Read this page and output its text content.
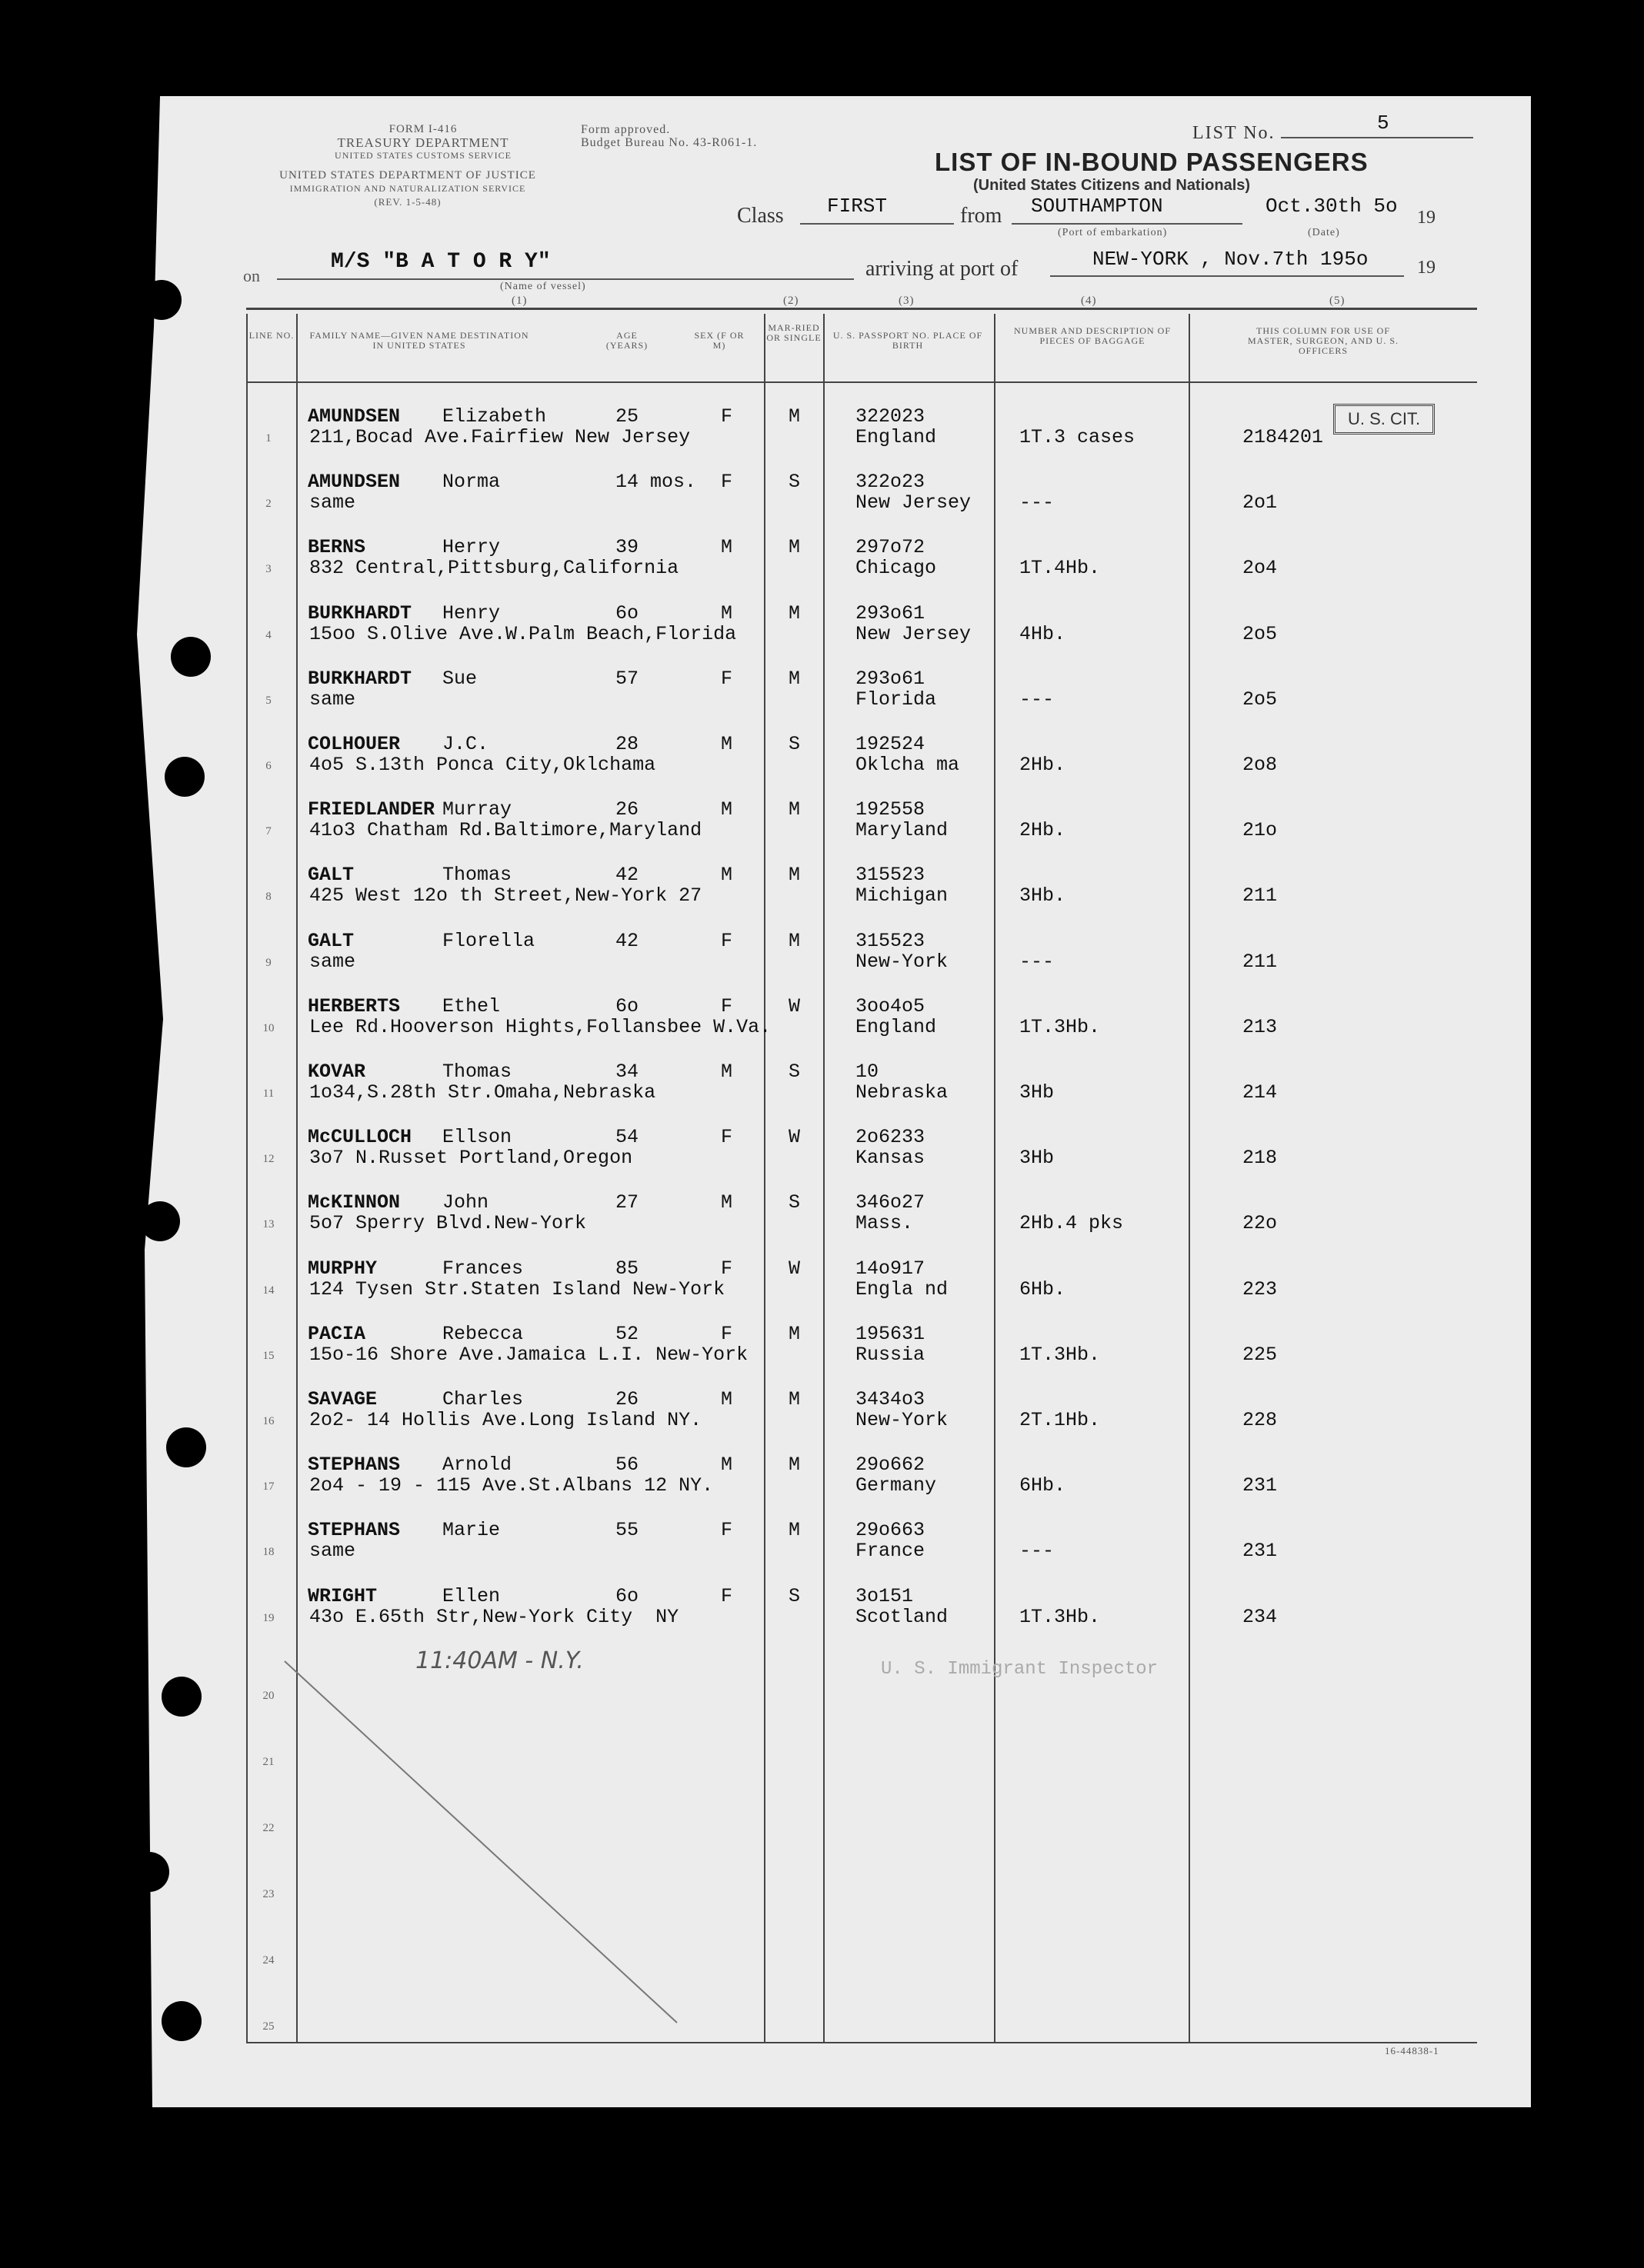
FORM I-416
TREASURY DEPARTMENT
UNITED STATES CUSTOMS SERVICE
UNITED STATES DEPARTMENT OF JUSTICE
IMMIGRATION AND NATURALIZATION SERVICE
(REV. 1-5-48)
Form approved.
Budget Bureau No. 43-R061-1.	LIST No.	5
LIST OF IN-BOUND PASSENGERS
(United States Citizens and Nationals)
Class FIRST	from SOUTHAMPTON	Oct.30th 5o 19
(Port of embarkation)	(Date)
on
M/S "B A T O R Y"
(Name of vessel)
arriving at port of	NEW-YORK , Nov.7th 195o	19
(1)	(2)	(3)	(4)	(5)
LINE NO.	FAMILY NAME—GIVEN NAME DESTINATION IN UNITED STATES
AGE (YEARS)
SEX (F OR M)
MAR-RIED OR SINGLE U. S. PASSPORT NO. PLACE OF BIRTH
NUMBER AND DESCRIPTION OF PIECES OF BAGGAGE
THIS COLUMN FOR USE OF MASTER, SURGEON, AND U. S. OFFICERS
U. S. CIT.
1
AMUNDSEN Elizabeth	25	F	M	322023
211,Bocad Ave.Fairfiew New Jersey	England	1T.3 cases	2184201
2
AMUNDSEN Norma	14 mos. F	S	322o23
same	New Jersey	---	2o1
3
BERNS	Herry	39	M	M	297o72
832 Central,Pittsburg,California	Chicago	1T.4Hb.	2o4
4
BURKHARDT Henry	6o	M	M	293o61
15oo S.Olive Ave.W.Palm Beach,Florida	New Jersey	4Hb.	2o5
5
BURKHARDT Sue	57	F	M	293o61
same	Florida	---	2o5
6
COLHOUER J.C.	28	M	S	192524
4o5 S.13th Ponca City,Oklchama	Oklcha ma	2Hb.	2o8
7
FRIEDLANDER Murray	26	M	M	192558
41o3 Chatham Rd.Baltimore,Maryland	Maryland	2Hb.	21o
8
GALT	Thomas	42	M	M	315523
425 West 12o th Street,New-York 27	Michigan	3Hb.	211
9
GALT	Florella	42	F	M	315523
same	New-York	---	211
10
HERBERTS Ethel	6o	F	W	3oo4o5
Lee Rd.Hooverson Hights,Follansbee W.Va.	England	1T.3Hb.	213
11
KOVAR	Thomas	34	M	S	10
1o34,S.28th Str.Omaha,Nebraska	Nebraska	3Hb	214
12
McCULLOCH Ellson	54	F	W	2o6233
3o7 N.Russet Portland,Oregon	Kansas	3Hb	218
13
McKINNON John	27	M	S	346o27
5o7 Sperry Blvd.New-York	Mass.	2Hb.4 pks	22o
14
MURPHY	Frances	85	F	W	14o917
124 Tysen Str.Staten Island New-York	Engla nd	6Hb.	223
15
PACIA	Rebecca	52	F	M	195631
15o-16 Shore Ave.Jamaica L.I. New-York	Russia	1T.3Hb.	225
16
SAVAGE	Charles	26	M	M	3434o3
2o2- 14 Hollis Ave.Long Island NY.	New-York	2T.1Hb.	228
17
STEPHANS Arnold	56	M	M	29o662
2o4 - 19 - 115 Ave.St.Albans 12 NY.	Germany	6Hb.	231
18
STEPHANS Marie	55	F	M	29o663
same	France	---	231
19
WRIGHT	Ellen	6o	F	S	3o151
43o E.65th Str,New-York City  NY	Scotland	1T.3Hb.	234
20
21
22
23
24
25
11:40AM - N.Y.	U. S. Immigrant Inspector
16-44838-1
